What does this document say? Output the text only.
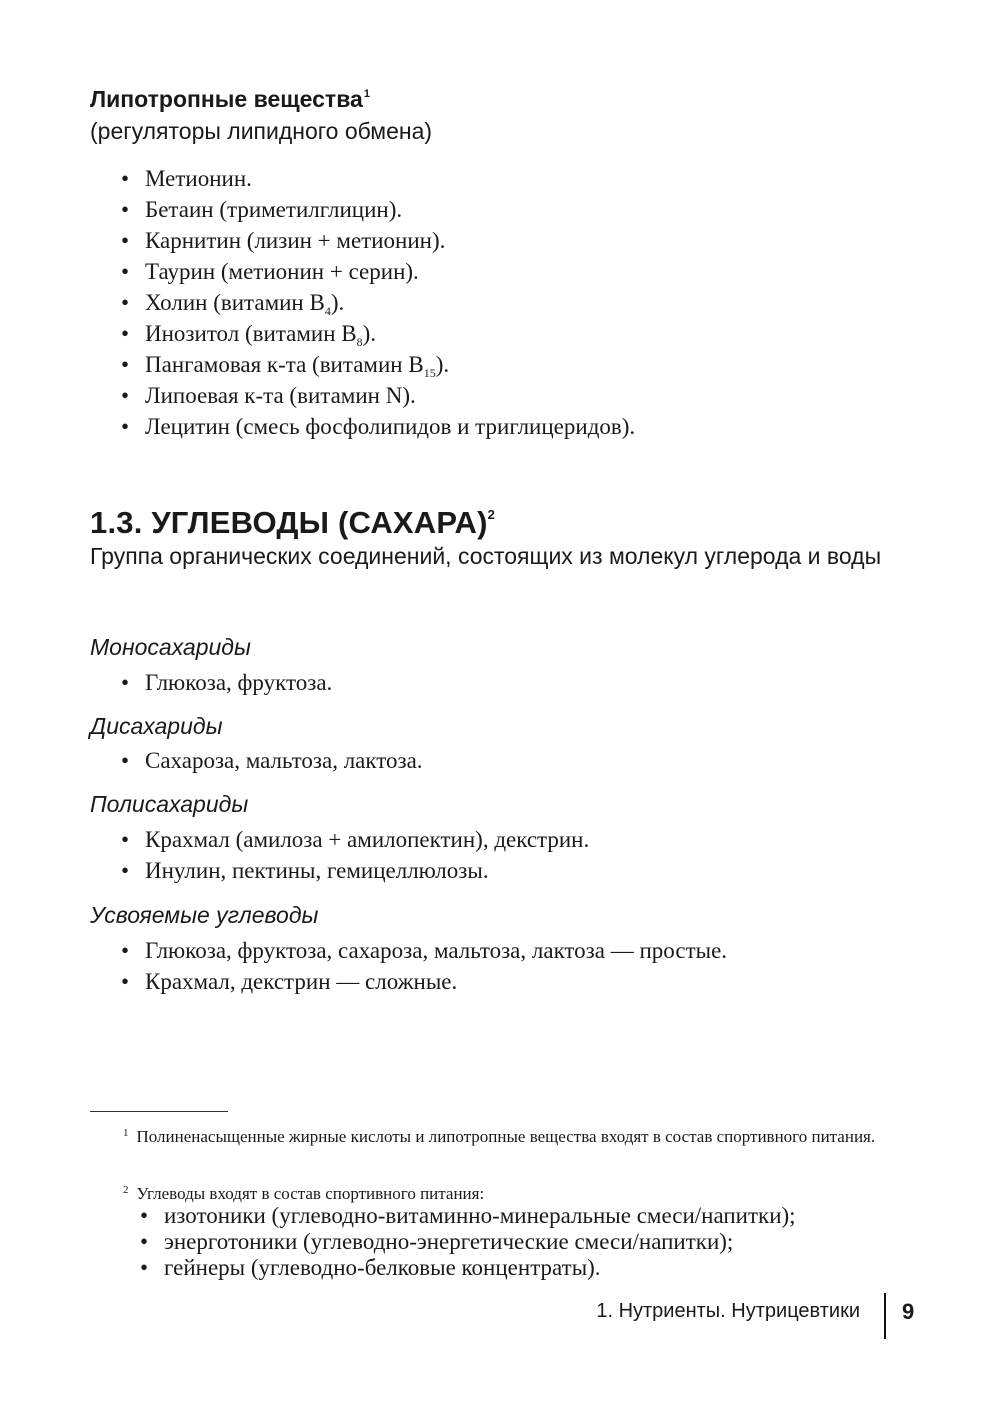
Липотропные вещества$^1$

(регуляторы липидного обмена)

• Метионин.
• Бетаин (триметилглицин).
• Карнитин (лизин + метионин).
• Таурин (метионин + серин).
• Холин (витамин $B_4$).
• Инозитол (витамин $B_8$).
• Пангамовая к-та (витамин $B_{15}$).
• Липоевая к-та (витамин N).
• Лецитин (смесь фосфолипидов и триглицеридов).
1.3. УГЛЕВОДЫ (САХАРА)$^2$

Группа органических соединений, состоящих из молекул углерода и воды

Моносахариды

• Глюкоза, фруктоза.

Дисахариды

• Сахароза, мальтоза, лактоза.

Полисахариды

• Крахмал (амилоза + амилопектин), декстрин.
• Инулин, пектины, гемицеллюлозы.

Усвояемые углеводы

• Глюкоза, фруктоза, сахароза, мальтоза, лактоза — простые.
• Крахмал, декстрин — сложные.

$^1$ Полиненасыщенные жирные кислоты и липотропные вещества входят в состав спортивного питания.

$^2$ Углеводы входят в состав спортивного питания:

• изотоники (углеводно-витаминно-минеральные смеси/напитки);
• энерготоники (углеводно-энергетические смеси/напитки);
• гейнеры (углеводно-белковые концентраты).

1. Нутриенты. Нутрицевтики 9
